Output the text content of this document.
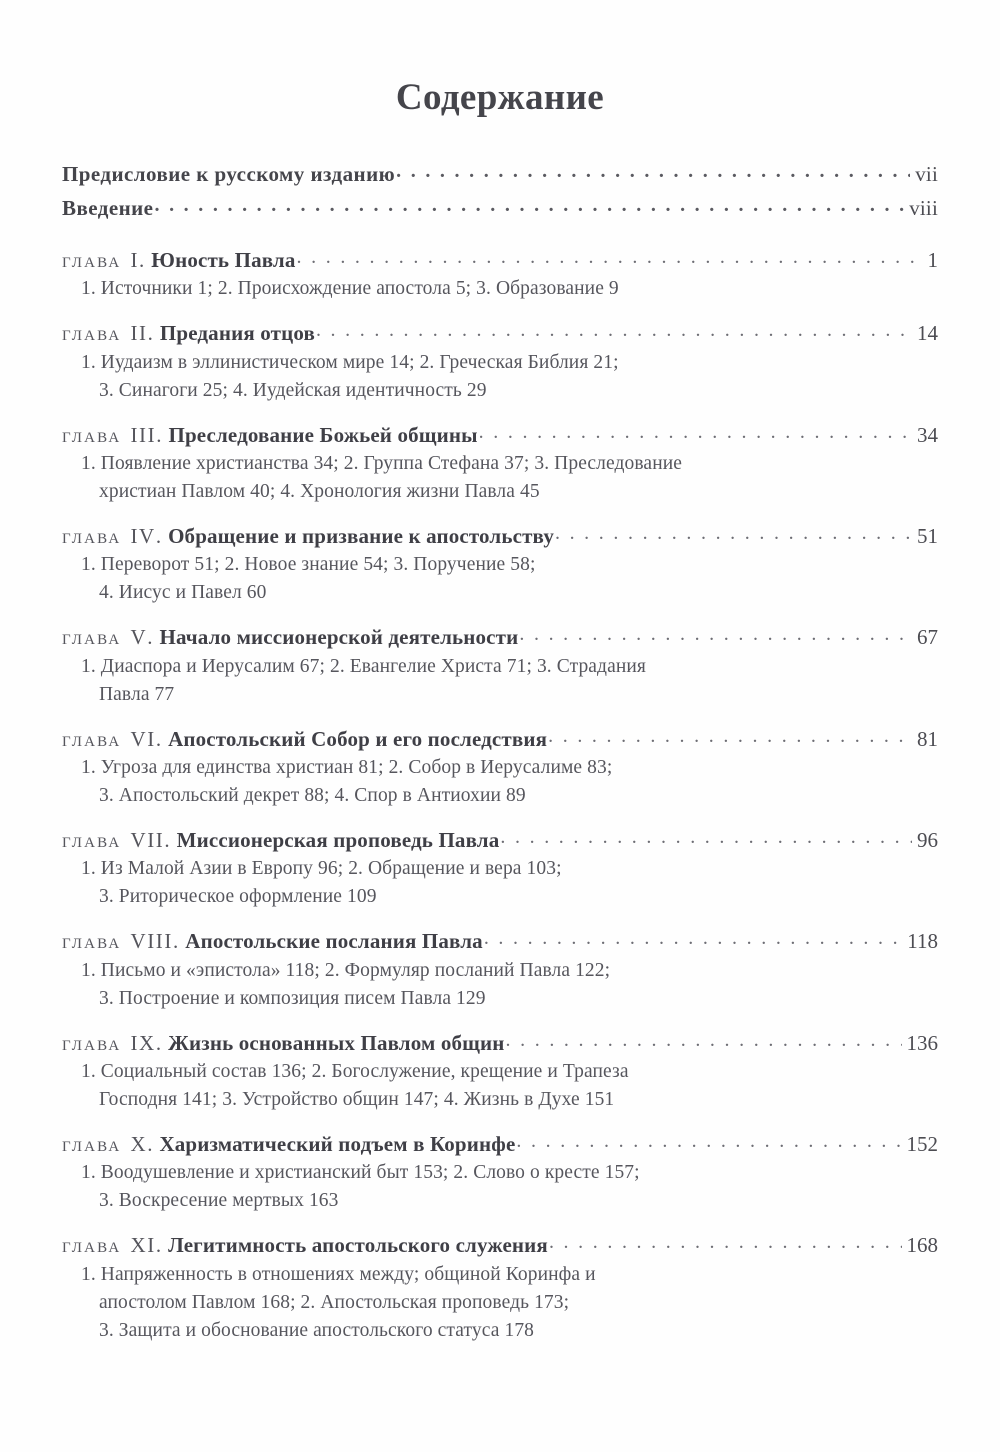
Содержание
Предисловие к русскому изданию . . .	vii
Введение . . .	viii
глава I . Юность Павла . . .	1
1. Источники 1; 2. Происхождение апостола 5; 3. Образование 9
глава II . Предания отцов . . .	14
1. Иудаизм в эллинистическом мире 14; 2. Греческая Библия 21;
3. Синагоги 25; 4. Иудейская идентичность 29
глава III . Преследование Божьей общины . . .	34
1. Появление христианства 34; 2. Группа Стефана 37; 3. Преследование
христиан Павлом 40; 4. Хронология жизни Павла 45
глава IV . Обращение и призвание к апостольству . . .	51
1. Переворот 51; 2. Новое знание 54; 3. Поручение 58;
4. Иисус и Павел 60
глава V . Начало миссионерской деятельности . . .	67
1. Диаспора и Иерусалим 67; 2. Евангелие Христа 71; 3. Страдания
Павла 77
глава VI . Апостольский Собор и его последствия . . .	81
1. Угроза для единства христиан 81; 2. Собор в Иерусалиме 83;
3. Апостольский декрет 88; 4. Спор в Антиохии 89
глава VII . Миссионерская проповедь Павла . . .	96
1. Из Малой Азии в Европу 96; 2. Обращение и вера 103;
3. Риторическое оформление 109
глава VIII . Апостольские послания Павла . . .	118
1. Письмо и «эпистола» 118; 2. Формуляр посланий Павла 122;
3. Построение и композиция писем Павла 129
глава IX . Жизнь основанных Павлом общин . . .	136
1. Социальный состав 136; 2. Богослужение, крещение и Трапеза
Господня 141; 3. Устройство общин 147; 4. Жизнь в Духе 151
глава X . Харизматический подъем в Коринфе . . .	152
1. Воодушевление и христианский быт 153; 2. Слово о кресте 157;
3. Воскресение мертвых 163
глава XI . Легитимность апостольского служения . . .	168
1. Напряженность в отношениях между; общиной Коринфа и
апостолом Павлом 168; 2. Апостольская проповедь 173;
3. Защита и обоснование апостольского статуса 178
